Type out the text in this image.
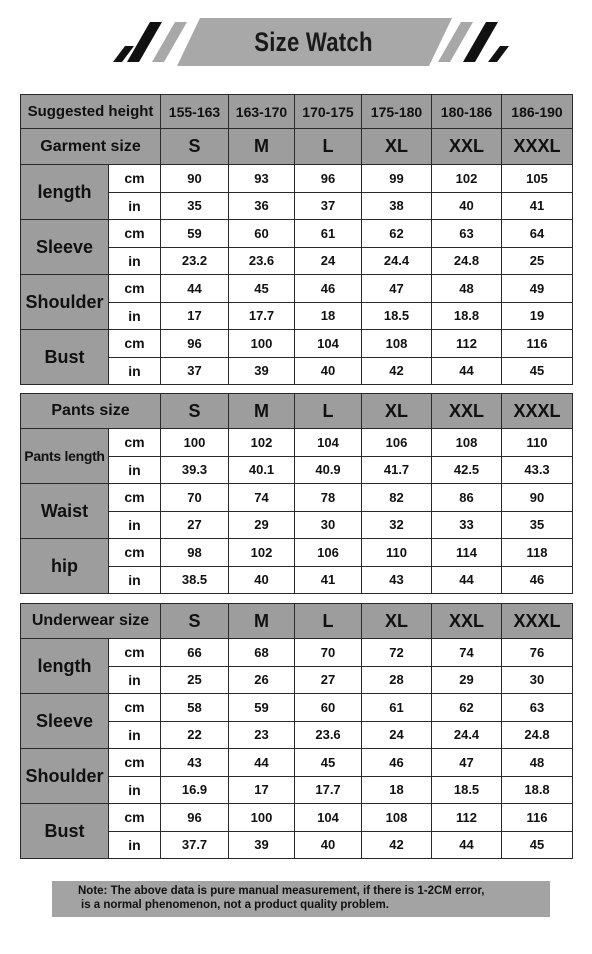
Size Watch
Suggested height		155-163	163-170	170-175	175-180	180-186	186-190
Garment size		S	M	L	XL	XXL	XXXL
length	cm	90	93	96	99	102	105
	in	35	36	37	38	40	41
Sleeve	cm	59	60	61	62	63	64
	in	23.2	23.6	24	24.4	24.8	25
Shoulder	cm	44	45	46	47	48	49
	in	17	17.7	18	18.5	18.8	19
Bust	cm	96	100	104	108	112	116
	in	37	39	40	42	44	45
Pants size		S	M	L	XL	XXL	XXXL
Pants length	cm	100	102	104	106	108	110
	in	39.3	40.1	40.9	41.7	42.5	43.3
Waist	cm	70	74	78	82	86	90
	in	27	29	30	32	33	35
hip	cm	98	102	106	110	114	118
	in	38.5	40	41	43	44	46
Underwear size		S	M	L	XL	XXL	XXXL
length	cm	66	68	70	72	74	76
	in	25	26	27	28	29	30
Sleeve	cm	58	59	60	61	62	63
	in	22	23	23.6	24	24.4	24.8
Shoulder	cm	43	44	45	46	47	48
	in	16.9	17	17.7	18	18.5	18.8
Bust	cm	96	100	104	108	112	116
	in	37.7	39	40	42	44	45
Note: The above data is pure manual measurement, if there is 1-2CM error,
is a normal phenomenon, not a product quality problem.
